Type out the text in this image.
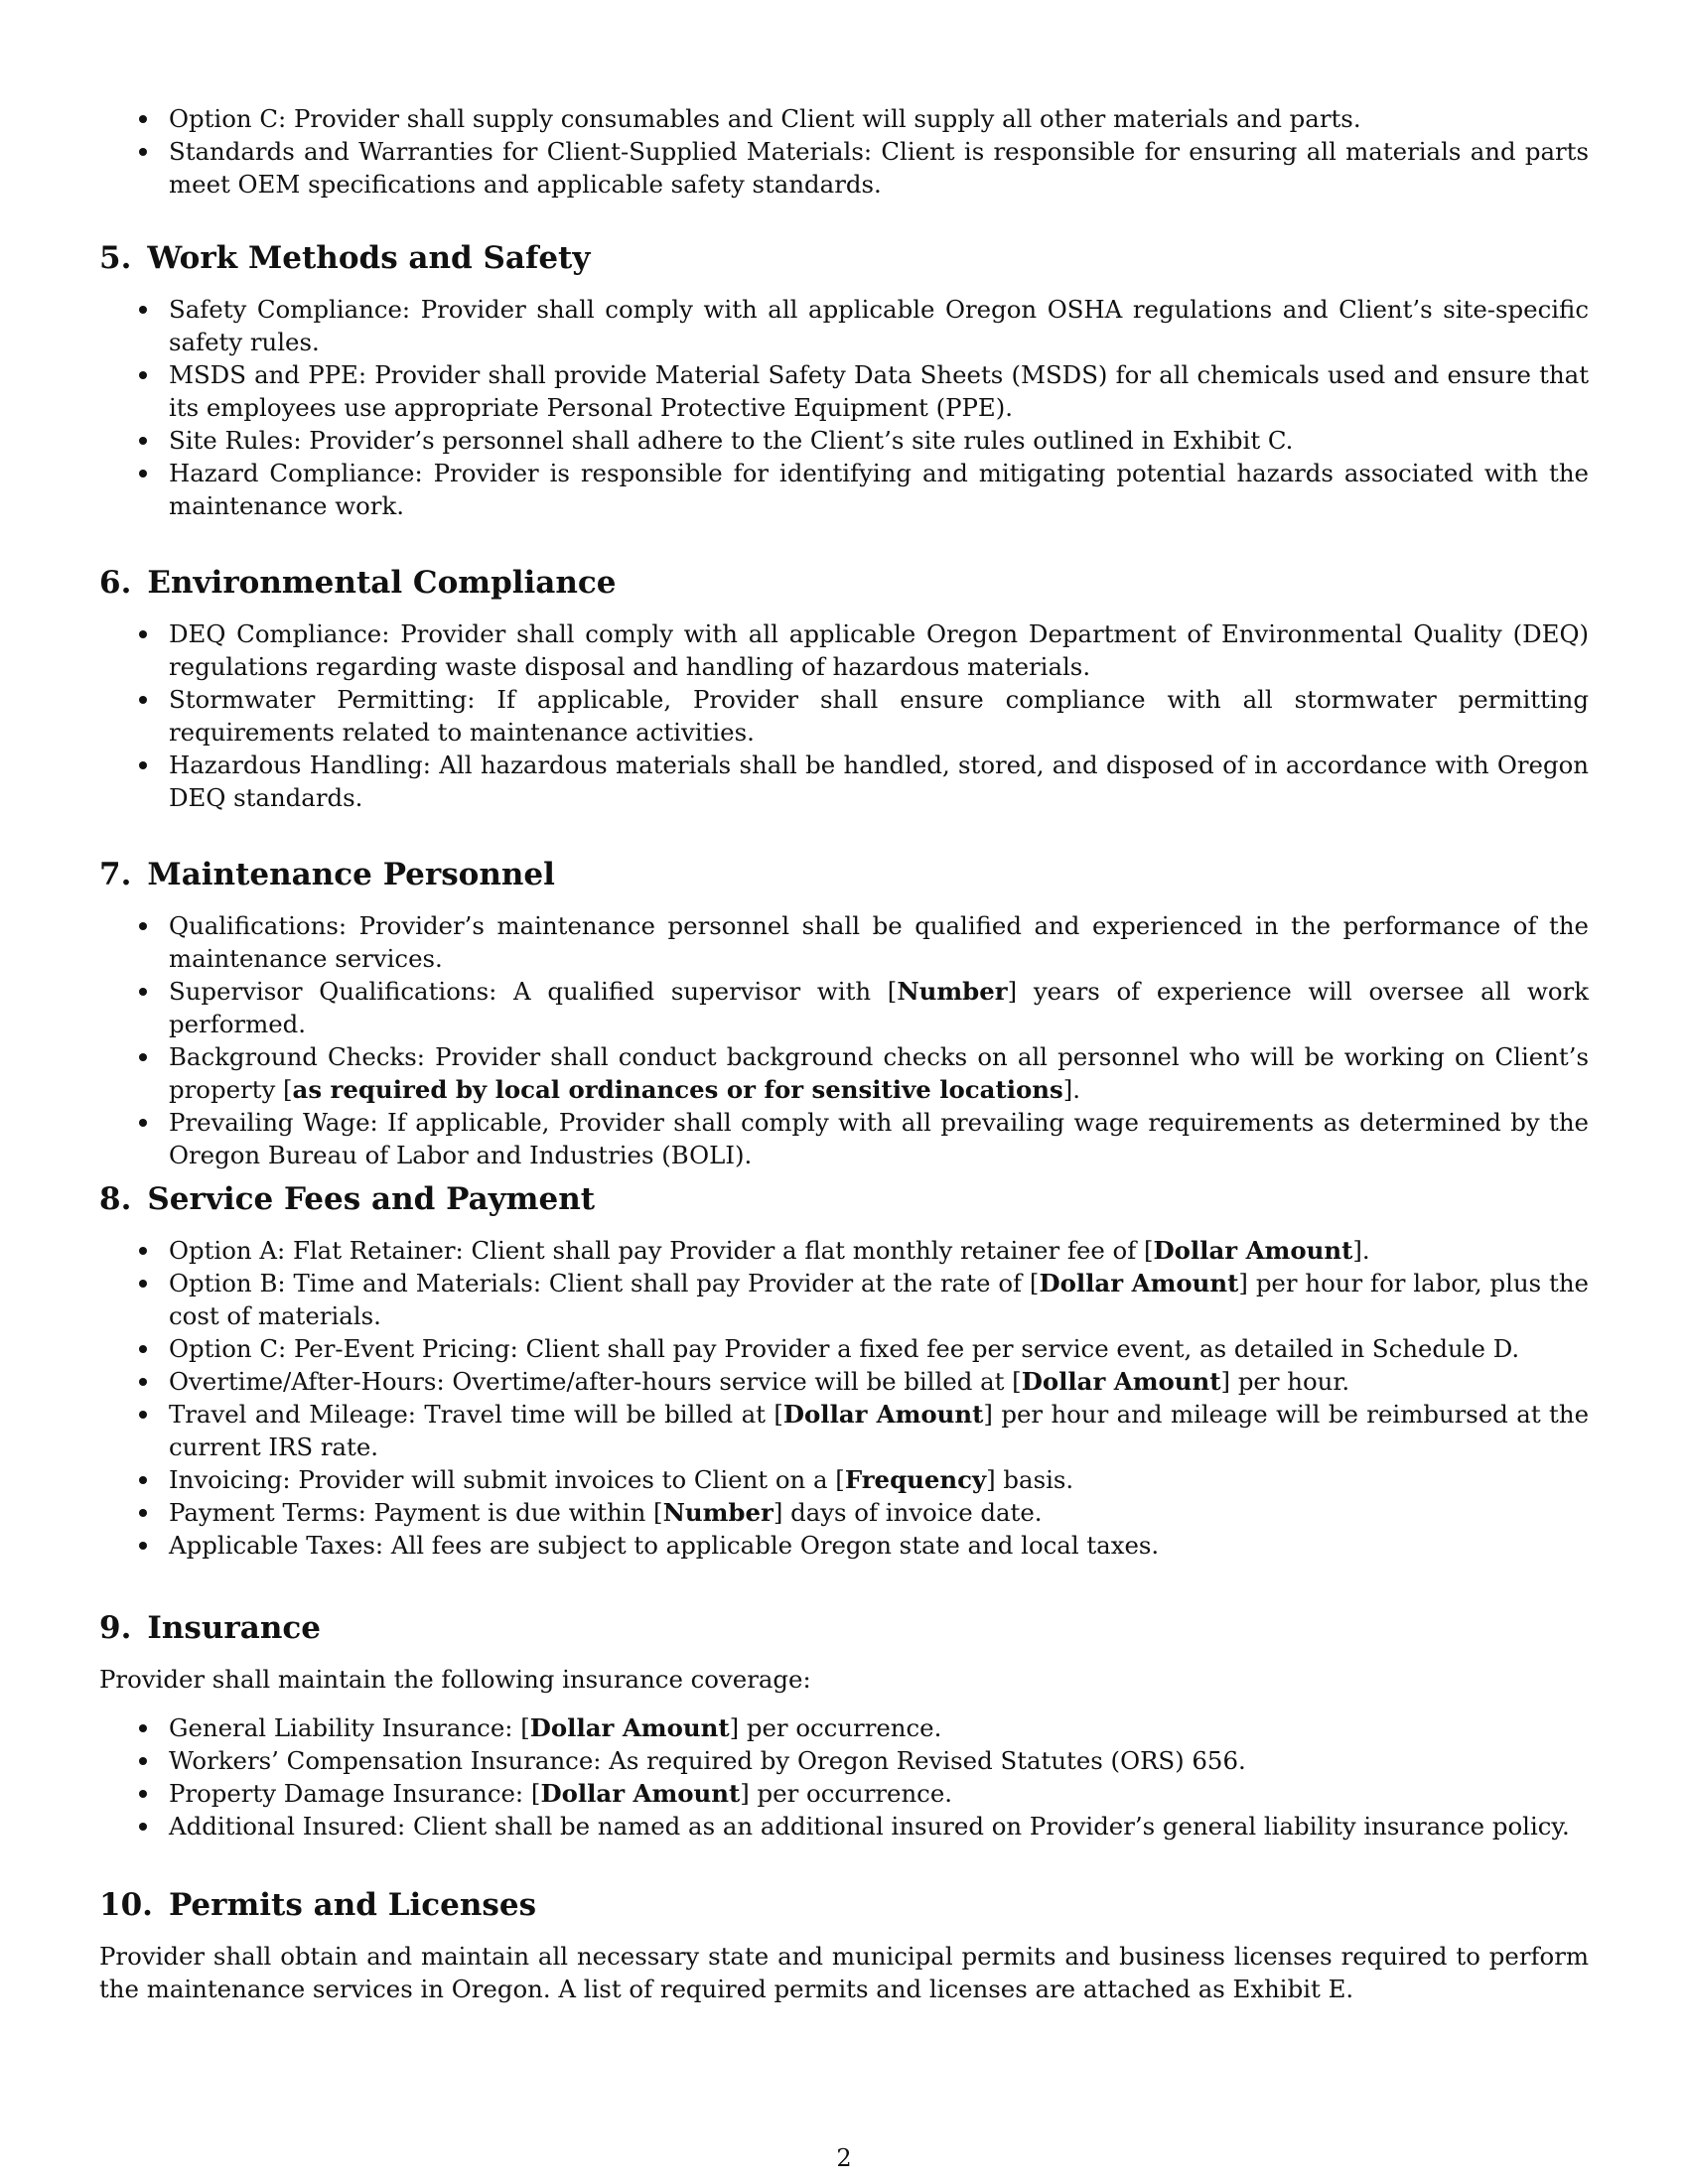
Option C: Provider shall supply consumables and Client will supply all other materials and parts.
Standards and Warranties for Client-Supplied Materials: Client is responsible for ensuring all materials and parts meet OEM specifications and applicable safety standards.
5. Work Methods and Safety
Safety Compliance: Provider shall comply with all applicable Oregon OSHA regulations and Client’s site-specific safety rules.
MSDS and PPE: Provider shall provide Material Safety Data Sheets (MSDS) for all chemicals used and ensure that its employees use appropriate Personal Protective Equipment (PPE).
Site Rules: Provider’s personnel shall adhere to the Client’s site rules outlined in Exhibit C.
Hazard Compliance: Provider is responsible for identifying and mitigating potential hazards associated with the maintenance work.
6. Environmental Compliance
DEQ Compliance: Provider shall comply with all applicable Oregon Department of Environmental Quality (DEQ) regulations regarding waste disposal and handling of hazardous materials.
Stormwater Permitting: If applicable, Provider shall ensure compliance with all stormwater permitting requirements related to maintenance activities.
Hazardous Handling: All hazardous materials shall be handled, stored, and disposed of in accordance with Oregon DEQ standards.
7. Maintenance Personnel
Qualifications: Provider’s maintenance personnel shall be qualified and experienced in the performance of the maintenance services.
Supervisor Qualifications: A qualified supervisor with [Number] years of experience will oversee all work performed.
Background Checks: Provider shall conduct background checks on all personnel who will be working on Client’s property [as required by local ordinances or for sensitive locations].
Prevailing Wage: If applicable, Provider shall comply with all prevailing wage requirements as determined by the Oregon Bureau of Labor and Industries (BOLI).
8. Service Fees and Payment
Option A: Flat Retainer: Client shall pay Provider a flat monthly retainer fee of [Dollar Amount].
Option B: Time and Materials: Client shall pay Provider at the rate of [Dollar Amount] per hour for labor, plus the cost of materials.
Option C: Per-Event Pricing: Client shall pay Provider a fixed fee per service event, as detailed in Schedule D.
Overtime/After-Hours: Overtime/after-hours service will be billed at [Dollar Amount] per hour.
Travel and Mileage: Travel time will be billed at [Dollar Amount] per hour and mileage will be reimbursed at the current IRS rate.
Invoicing: Provider will submit invoices to Client on a [Frequency] basis.
Payment Terms: Payment is due within [Number] days of invoice date.
Applicable Taxes: All fees are subject to applicable Oregon state and local taxes.
9. Insurance

Provider shall maintain the following insurance coverage:

General Liability Insurance: [Dollar Amount] per occurrence.
Workers’ Compensation Insurance: As required by Oregon Revised Statutes (ORS) 656.
Property Damage Insurance: [Dollar Amount] per occurrence.
Additional Insured: Client shall be named as an additional insured on Provider’s general liability insurance policy.
10. Permits and Licenses

Provider shall obtain and maintain all necessary state and municipal permits and business licenses required to perform the maintenance services in Oregon. A list of required permits and licenses are attached as Exhibit E.

2
